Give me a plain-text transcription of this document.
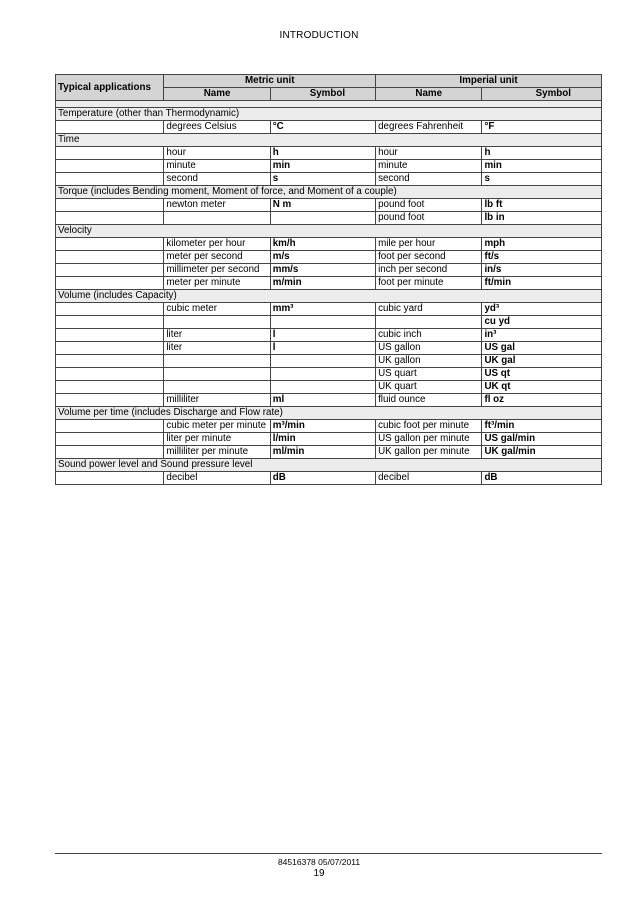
INTRODUCTION
Typical applications	Metric unit		Imperial unit	
	Name	Symbol	Name	Symbol

Temperature (other than Thermodynamic)				
	degrees Celsius	°C	degrees Fahrenheit	°F
Time				
	hour	h	hour	h
	minute	min	minute	min
	second	s	second	s
Torque (includes Bending moment, Moment of force, and Moment of a couple)				
	newton meter	N m	pound foot	lb ft
			pound foot	lb in
Velocity				
	kilometer per hour	km/h	mile per hour	mph
	meter per second	m/s	foot per second	ft/s
	millimeter per second	mm/s	inch per second	in/s
	meter per minute	m/min	foot per minute	ft/min
Volume (includes Capacity)				
	cubic meter	mm³	cubic yard	yd³
				cu yd
	liter	l	cubic inch	in³
	liter	l	US gallon	US gal
			UK gallon	UK gal
			US quart	US qt
			UK quart	UK qt
	milliliter	ml	fluid ounce	fl oz
Volume per time (includes Discharge and Flow rate)				
	cubic meter per minute	m³/min	cubic foot per minute	ft³/min
	liter per minute	l/min	US gallon per minute	US gal/min
	milliliter per minute	ml/min	UK gallon per minute	UK gal/min
Sound power level and Sound pressure level				
	decibel	dB	decibel	dB
84516378 05/07/2011
19
